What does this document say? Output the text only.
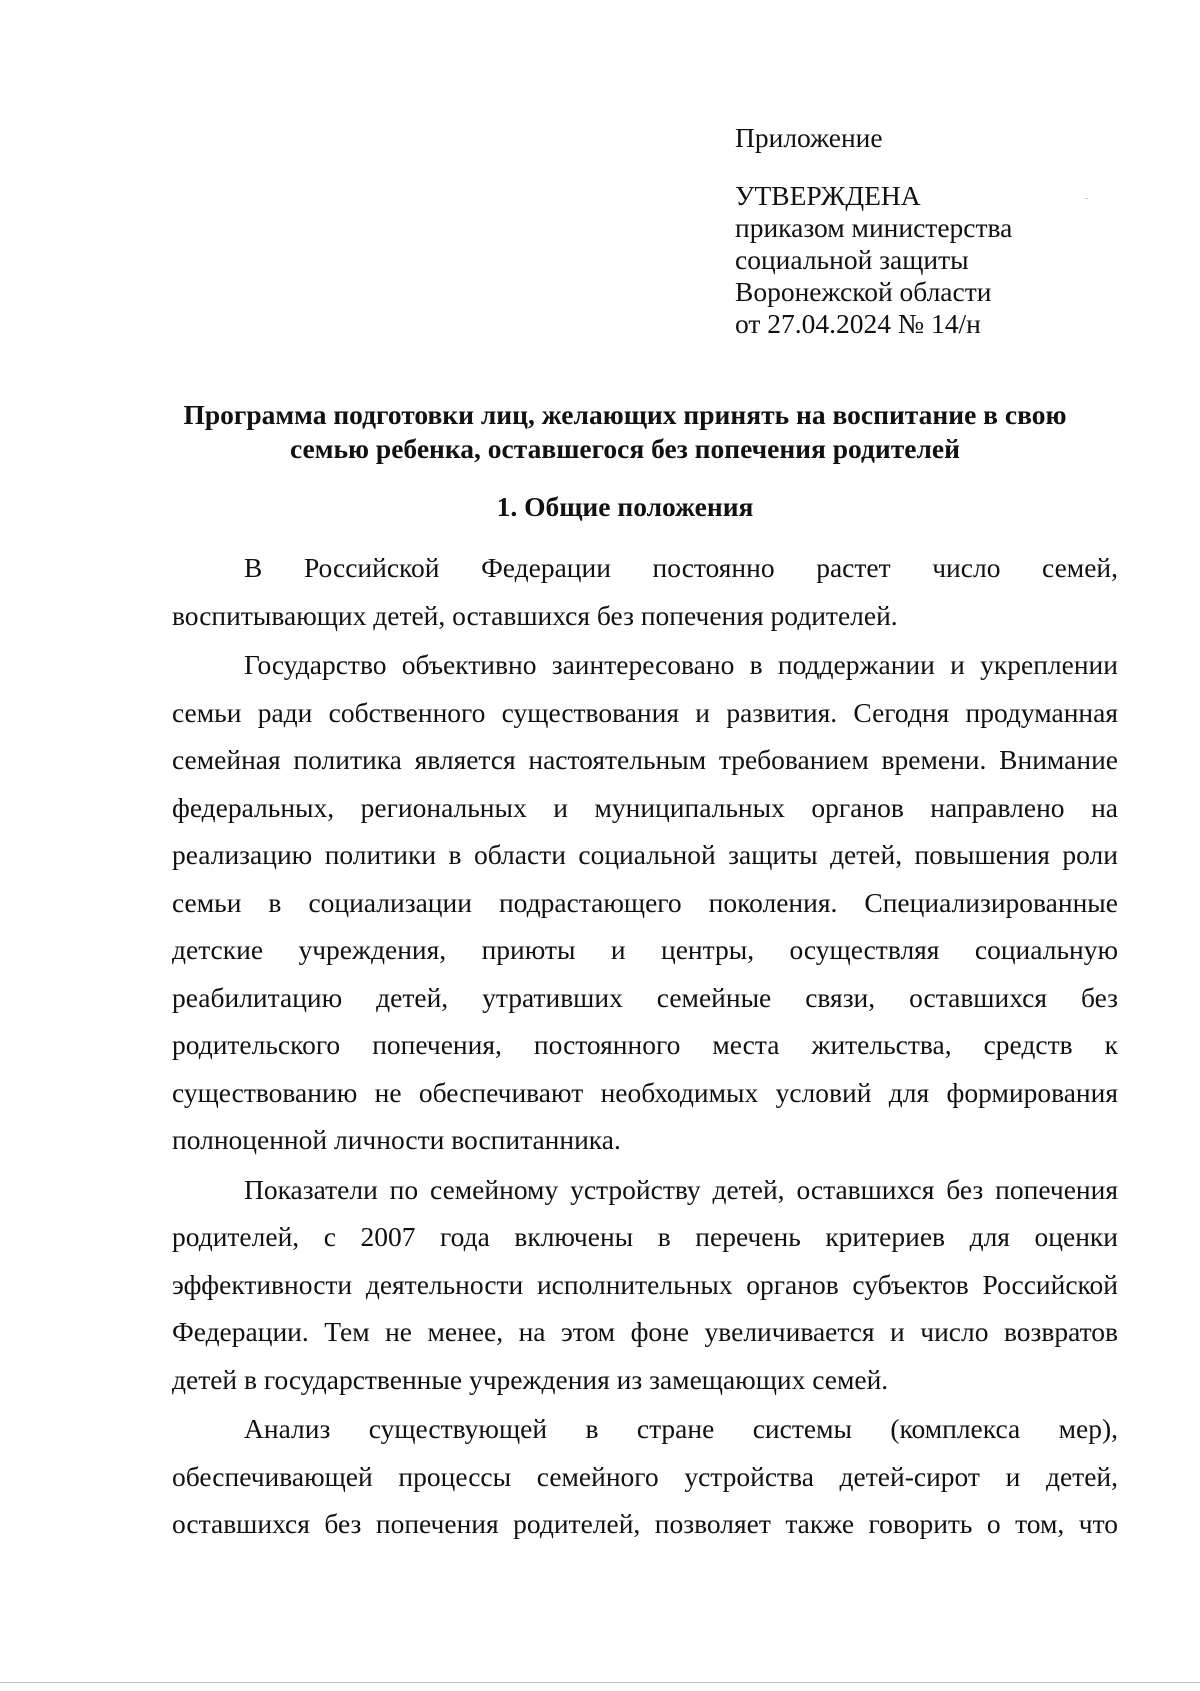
Приложение
УТВЕРЖДЕНА
приказом министерства
социальной защиты
Воронежской области
от 27.04.2024 № 14/н
Программа подготовки лиц, желающих принять на воспитание в свою
семью ребенка, оставшегося без попечения родителей
1. Общие положения
В Российской Федерации постоянно растет число семей,
воспитывающих детей, оставшихся без попечения родителей.
Государство объективно заинтересовано в поддержании и укреплении
семьи ради собственного существования и развития. Сегодня продуманная
семейная политика является настоятельным требованием времени. Внимание
федеральных, региональных и муниципальных органов направлено на
реализацию политики в области социальной защиты детей, повышения роли
семьи в социализации подрастающего поколения. Специализированные
детские учреждения, приюты и центры, осуществляя социальную
реабилитацию детей, утративших семейные связи, оставшихся без
родительского попечения, постоянного места жительства, средств к
существованию не обеспечивают необходимых условий для формирования
полноценной личности воспитанника.
Показатели по семейному устройству детей, оставшихся без попечения
родителей, с 2007 года включены в перечень критериев для оценки
эффективности деятельности исполнительных органов субъектов Российской
Федерации. Тем не менее, на этом фоне увеличивается и число возвратов
детей в государственные учреждения из замещающих семей.
Анализ существующей в стране системы (комплекса мер),
обеспечивающей процессы семейного устройства детей-сирот и детей,
оставшихся без попечения родителей, позволяет также говорить о том, что
